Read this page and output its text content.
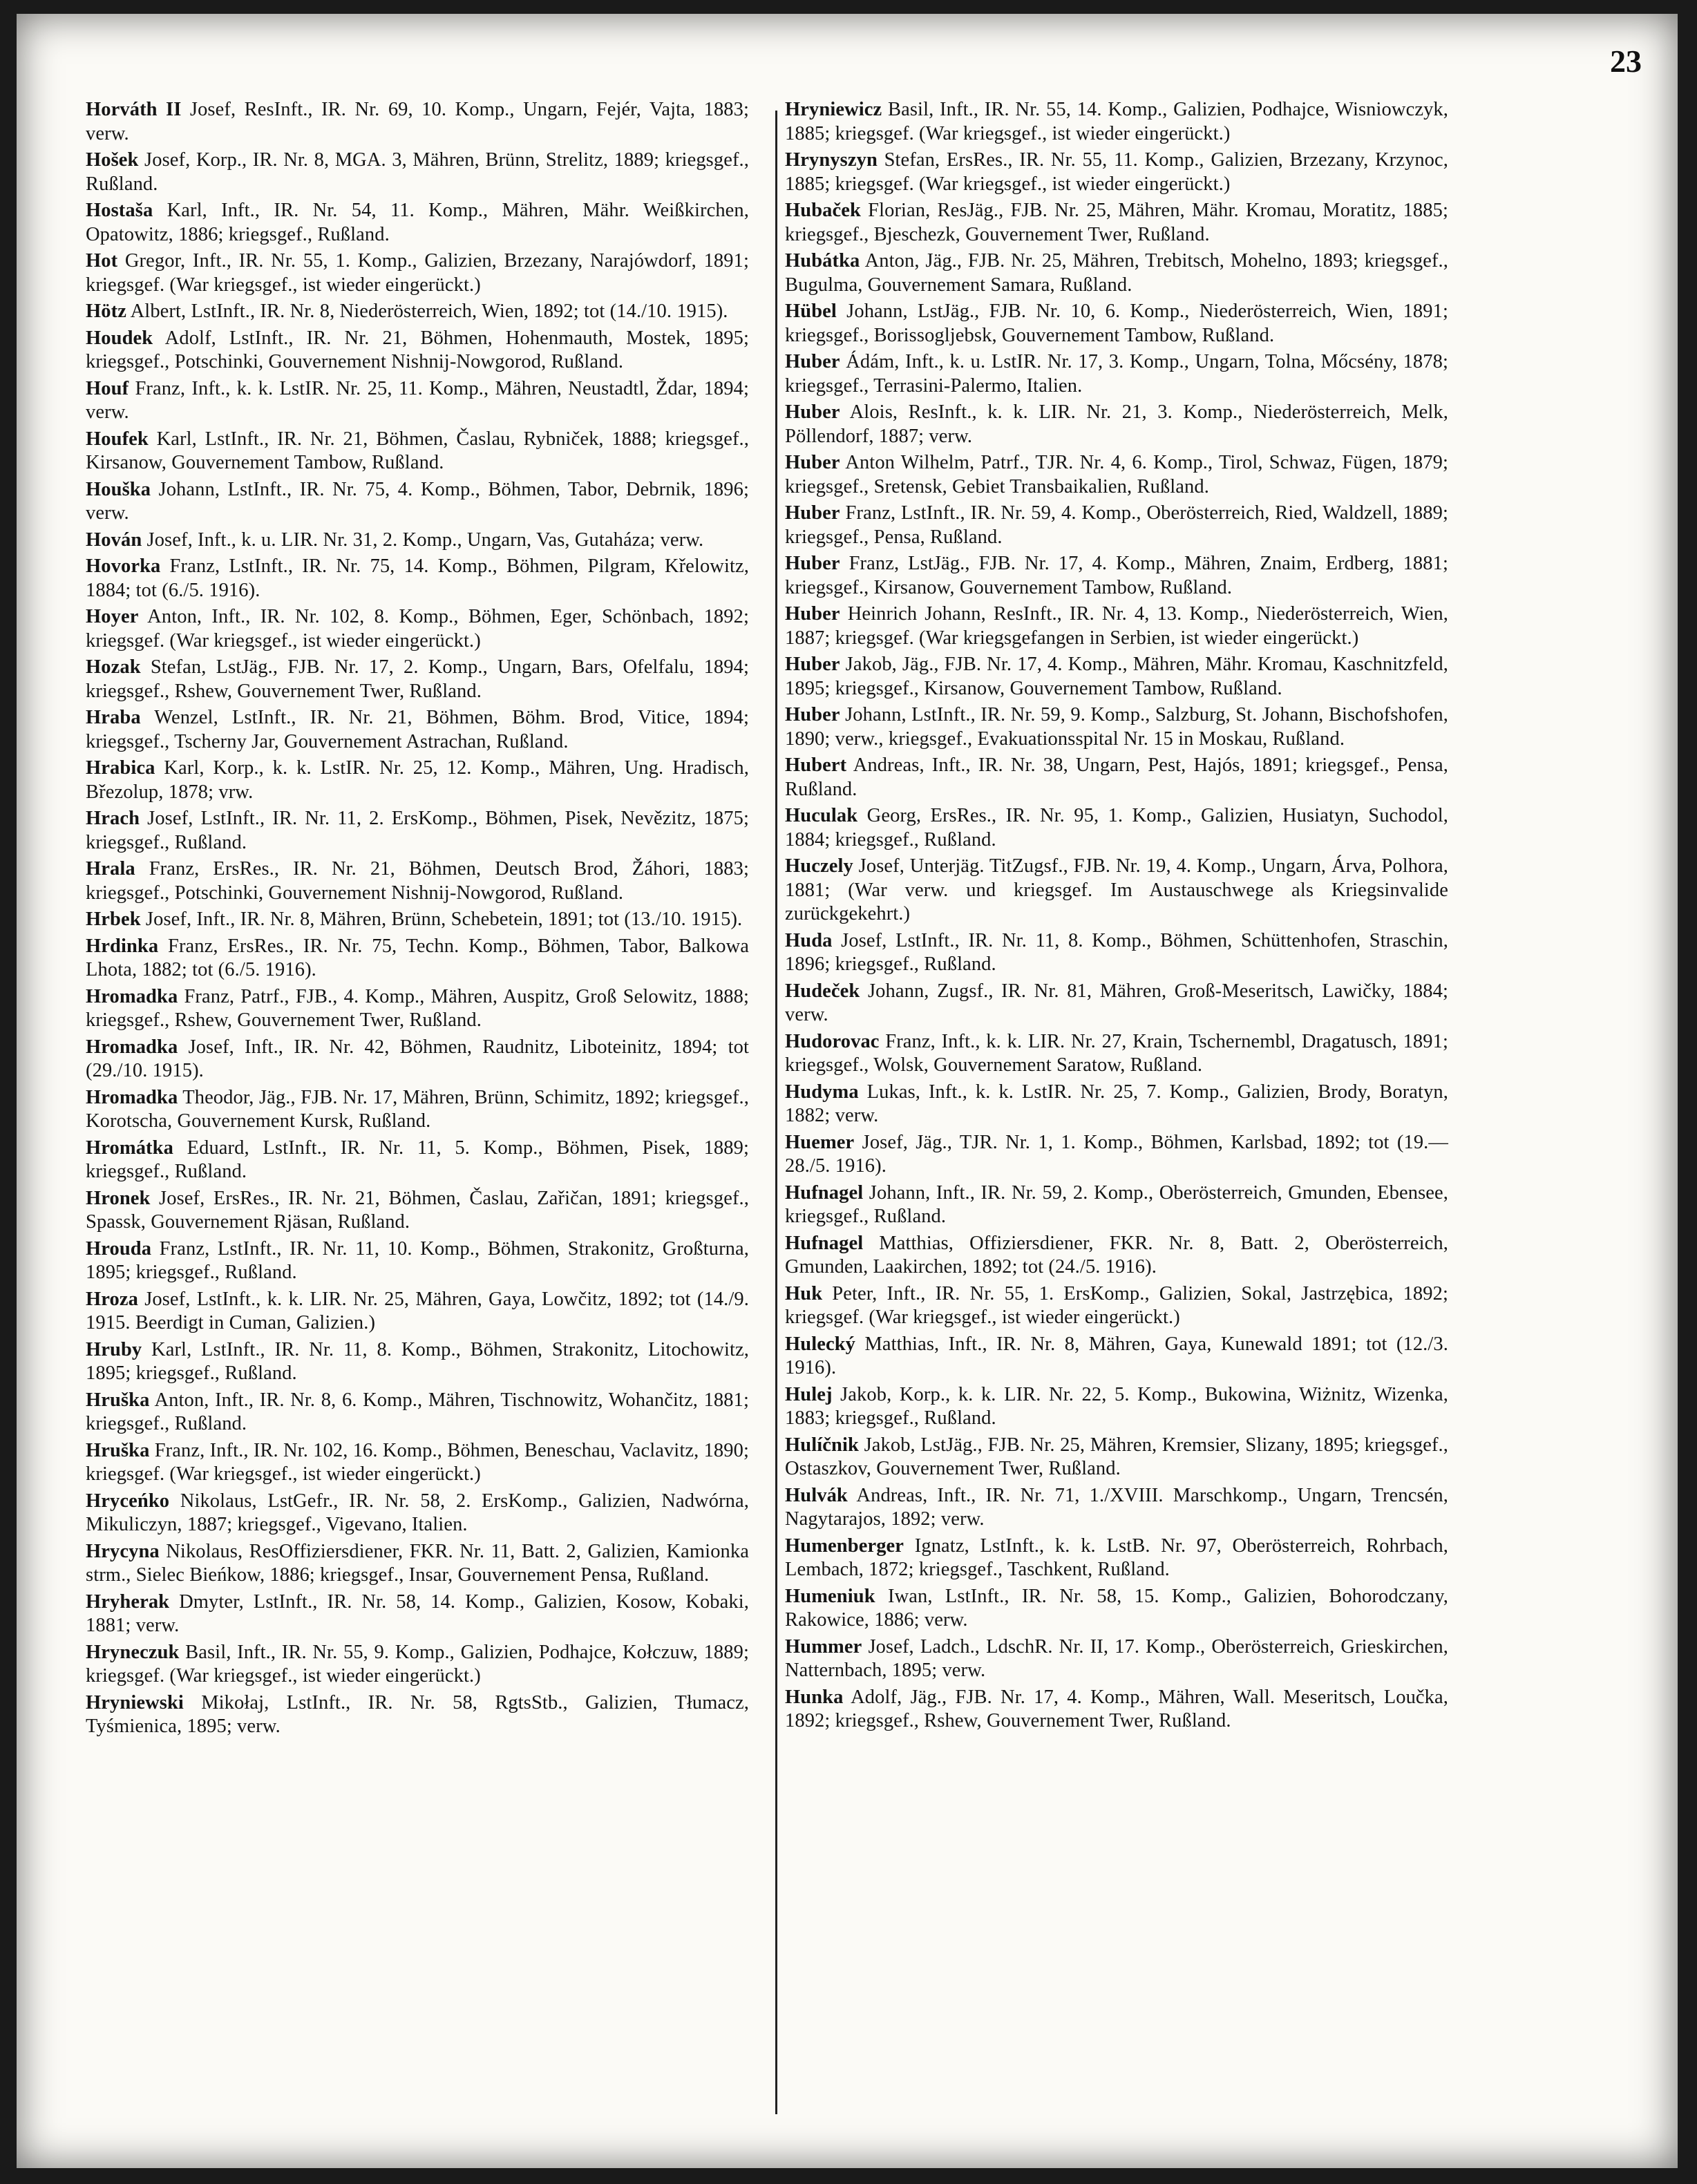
23

Horváth II Josef, ResInft., IR. Nr. 69, 10. Komp., Ungarn, Fejér, Vajta, 1883; verw.

Hošek Josef, Korp., IR. Nr. 8, MGA. 3, Mähren, Brünn, Strelitz, 1889; kriegsgef., Rußland.

Hostaša Karl, Inft., IR. Nr. 54, 11. Komp., Mähren, Mähr. Weißkirchen, Opatowitz, 1886; kriegsgef., Rußland.

Hot Gregor, Inft., IR. Nr. 55, 1. Komp., Galizien, Brzezany, Narajówdorf, 1891; kriegsgef. (War kriegsgef., ist wieder eingerückt.)

Hötz Albert, LstInft., IR. Nr. 8, Niederösterreich, Wien, 1892; tot (14./10. 1915).

Houdek Adolf, LstInft., IR. Nr. 21, Böhmen, Hohenmauth, Mostek, 1895; kriegsgef., Potschinki, Gouvernement Nishnij-Nowgorod, Rußland.

Houf Franz, Inft., k. k. LstIR. Nr. 25, 11. Komp., Mähren, Neustadtl, Ždar, 1894; verw.

Houfek Karl, LstInft., IR. Nr. 21, Böhmen, Časlau, Rybniček, 1888; kriegsgef., Kirsanow, Gouvernement Tambow, Rußland.

Houška Johann, LstInft., IR. Nr. 75, 4. Komp., Böhmen, Tabor, Debrnik, 1896; verw.

Hován Josef, Inft., k. u. LIR. Nr. 31, 2. Komp., Ungarn, Vas, Gutaháza; verw.

Hovorka Franz, LstInft., IR. Nr. 75, 14. Komp., Böhmen, Pilgram, Křelowitz, 1884; tot (6./5. 1916).

Hoyer Anton, Inft., IR. Nr. 102, 8. Komp., Böhmen, Eger, Schönbach, 1892; kriegsgef. (War kriegsgef., ist wieder eingerückt.)

Hozak Stefan, LstJäg., FJB. Nr. 17, 2. Komp., Ungarn, Bars, Ofelfalu, 1894; kriegsgef., Rshew, Gouvernement Twer, Rußland.

Hraba Wenzel, LstInft., IR. Nr. 21, Böhmen, Böhm. Brod, Vitice, 1894; kriegsgef., Tscherny Jar, Gouvernement Astrachan, Rußland.

Hrabica Karl, Korp., k. k. LstIR. Nr. 25, 12. Komp., Mähren, Ung. Hradisch, Březolup, 1878; vrw.

Hrach Josef, LstInft., IR. Nr. 11, 2. ErsKomp., Böhmen, Pisek, Nevězitz, 1875; kriegsgef., Rußland.

Hrala Franz, ErsRes., IR. Nr. 21, Böhmen, Deutsch Brod, Žáhori, 1883; kriegsgef., Potschinki, Gouvernement Nishnij-Nowgorod, Rußland.

Hrbek Josef, Inft., IR. Nr. 8, Mähren, Brünn, Schebetein, 1891; tot (13./10. 1915).

Hrdinka Franz, ErsRes., IR. Nr. 75, Techn. Komp., Böhmen, Tabor, Balkowa Lhota, 1882; tot (6./5. 1916).

Hromadka Franz, Patrf., FJB., 4. Komp., Mähren, Auspitz, Groß Selowitz, 1888; kriegsgef., Rshew, Gouvernement Twer, Rußland.

Hromadka Josef, Inft., IR. Nr. 42, Böhmen, Raudnitz, Liboteinitz, 1894; tot (29./10. 1915).

Hromadka Theodor, Jäg., FJB. Nr. 17, Mähren, Brünn, Schimitz, 1892; kriegsgef., Korotscha, Gouvernement Kursk, Rußland.

Hromátka Eduard, LstInft., IR. Nr. 11, 5. Komp., Böhmen, Pisek, 1889; kriegsgef., Rußland.

Hronek Josef, ErsRes., IR. Nr. 21, Böhmen, Časlau, Zařičan, 1891; kriegsgef., Spassk, Gouvernement Rjäsan, Rußland.

Hrouda Franz, LstInft., IR. Nr. 11, 10. Komp., Böhmen, Strakonitz, Großturna, 1895; kriegsgef., Rußland.

Hroza Josef, LstInft., k. k. LIR. Nr. 25, Mähren, Gaya, Lowčitz, 1892; tot (14./9. 1915. Beerdigt in Cuman, Galizien.)

Hruby Karl, LstInft., IR. Nr. 11, 8. Komp., Böhmen, Strakonitz, Litochowitz, 1895; kriegsgef., Rußland.

Hruška Anton, Inft., IR. Nr. 8, 6. Komp., Mähren, Tischnowitz, Wohančitz, 1881; kriegsgef., Rußland.

Hruška Franz, Inft., IR. Nr. 102, 16. Komp., Böhmen, Beneschau, Vaclavitz, 1890; kriegsgef. (War kriegsgef., ist wieder eingerückt.)

Hryceńko Nikolaus, LstGefr., IR. Nr. 58, 2. ErsKomp., Galizien, Nadwórna, Mikuliczyn, 1887; kriegsgef., Vigevano, Italien.

Hrycyna Nikolaus, ResOffiziersdiener, FKR. Nr. 11, Batt. 2, Galizien, Kamionka strm., Sielec Bieńkow, 1886; kriegsgef., Insar, Gouvernement Pensa, Rußland.

Hryherak Dmyter, LstInft., IR. Nr. 58, 14. Komp., Galizien, Kosow, Kobaki, 1881; verw.

Hryneczuk Basil, Inft., IR. Nr. 55, 9. Komp., Galizien, Podhajce, Kołczuw, 1889; kriegsgef. (War kriegsgef., ist wieder eingerückt.)

Hryniewski Mikołaj, LstInft., IR. Nr. 58, RgtsStb., Galizien, Tłumacz, Tyśmienica, 1895; verw.

Hryniewicz Basil, Inft., IR. Nr. 55, 14. Komp., Galizien, Podhajce, Wisniowczyk, 1885; kriegsgef. (War kriegsgef., ist wieder eingerückt.)

Hrynyszyn Stefan, ErsRes., IR. Nr. 55, 11. Komp., Galizien, Brzezany, Krzynoc, 1885; kriegsgef. (War kriegsgef., ist wieder eingerückt.)

Hubaček Florian, ResJäg., FJB. Nr. 25, Mähren, Mähr. Kromau, Moratitz, 1885; kriegsgef., Bjeschezk, Gouvernement Twer, Rußland.

Hubátka Anton, Jäg., FJB. Nr. 25, Mähren, Trebitsch, Mohelno, 1893; kriegsgef., Bugulma, Gouvernement Samara, Rußland.

Hübel Johann, LstJäg., FJB. Nr. 10, 6. Komp., Niederösterreich, Wien, 1891; kriegsgef., Borissoglјebsk, Gouvernement Tambow, Rußland.

Huber Ádám, Inft., k. u. LstIR. Nr. 17, 3. Komp., Ungarn, Tolna, Mőcsény, 1878; kriegsgef., Terrasini-Palermo, Italien.

Huber Alois, ResInft., k. k. LIR. Nr. 21, 3. Komp., Niederösterreich, Melk, Pöllendorf, 1887; verw.

Huber Anton Wilhelm, Patrf., TJR. Nr. 4, 6. Komp., Tirol, Schwaz, Fügen, 1879; kriegsgef., Sretensk, Gebiet Transbaikalien, Rußland.

Huber Franz, LstInft., IR. Nr. 59, 4. Komp., Oberösterreich, Ried, Waldzell, 1889; kriegsgef., Pensa, Rußland.

Huber Franz, LstJäg., FJB. Nr. 17, 4. Komp., Mähren, Znaim, Erdberg, 1881; kriegsgef., Kirsanow, Gouvernement Tambow, Rußland.

Huber Heinrich Johann, ResInft., IR. Nr. 4, 13. Komp., Niederösterreich, Wien, 1887; kriegsgef. (War kriegsgefangen in Serbien, ist wieder eingerückt.)

Huber Jakob, Jäg., FJB. Nr. 17, 4. Komp., Mähren, Mähr. Kromau, Kaschnitzfeld, 1895; kriegsgef., Kirsanow, Gouvernement Tambow, Rußland.

Huber Johann, LstInft., IR. Nr. 59, 9. Komp., Salzburg, St. Johann, Bischofshofen, 1890; verw., kriegsgef., Evakuationsspital Nr. 15 in Moskau, Rußland.

Hubert Andreas, Inft., IR. Nr. 38, Ungarn, Pest, Hajós, 1891; kriegsgef., Pensa, Rußland.

Huculak Georg, ErsRes., IR. Nr. 95, 1. Komp., Galizien, Husiatyn, Suchodol, 1884; kriegsgef., Rußland.

Huczely Josef, Unterjäg. TitZugsf., FJB. Nr. 19, 4. Komp., Ungarn, Árva, Polhora, 1881; (War verw. und kriegsgef. Im Austauschwege als Kriegsinvalide zurückgekehrt.)

Huda Josef, LstInft., IR. Nr. 11, 8. Komp., Böhmen, Schüttenhofen, Straschin, 1896; kriegsgef., Rußland.

Hudeček Johann, Zugsf., IR. Nr. 81, Mähren, Groß-Meseritsch, Lawičky, 1884; verw.

Hudorovac Franz, Inft., k. k. LIR. Nr. 27, Krain, Tschernembl, Dragatusch, 1891; kriegsgef., Wolsk, Gouvernement Saratow, Rußland.

Hudyma Lukas, Inft., k. k. LstIR. Nr. 25, 7. Komp., Galizien, Brody, Boratyn, 1882; verw.

Huemer Josef, Jäg., TJR. Nr. 1, 1. Komp., Böhmen, Karlsbad, 1892; tot (19.—28./5. 1916).

Hufnagel Johann, Inft., IR. Nr. 59, 2. Komp., Oberösterreich, Gmunden, Ebensee, kriegsgef., Rußland.

Hufnagel Matthias, Offiziersdiener, FKR. Nr. 8, Batt. 2, Oberösterreich, Gmunden, Laakirchen, 1892; tot (24./5. 1916).

Huk Peter, Inft., IR. Nr. 55, 1. ErsKomp., Galizien, Sokal, Jastrzębica, 1892; kriegsgef. (War kriegsgef., ist wieder eingerückt.)

Hulecký Matthias, Inft., IR. Nr. 8, Mähren, Gaya, Kunewald 1891; tot (12./3. 1916).

Hulej Jakob, Korp., k. k. LIR. Nr. 22, 5. Komp., Bukowina, Wiżnitz, Wizenka, 1883; kriegsgef., Rußland.

Hulíčnik Jakob, LstJäg., FJB. Nr. 25, Mähren, Kremsier, Slizany, 1895; kriegsgef., Ostaszkov, Gouvernement Twer, Rußland.

Hulvák Andreas, Inft., IR. Nr. 71, 1./XVIII. Marschkomp., Ungarn, Trencsén, Nagytarajos, 1892; verw.

Humenberger Ignatz, LstInft., k. k. LstB. Nr. 97, Oberösterreich, Rohrbach, Lembach, 1872; kriegsgef., Taschkent, Rußland.

Humeniuk Iwan, LstInft., IR. Nr. 58, 15. Komp., Galizien, Bohorodczany, Rakowice, 1886; verw.

Hummer Josef, Ladch., LdschR. Nr. II, 17. Komp., Oberösterreich, Grieskirchen, Natternbach, 1895; verw.

Hunka Adolf, Jäg., FJB. Nr. 17, 4. Komp., Mähren, Wall. Meseritsch, Loučka, 1892; kriegsgef., Rshew, Gouvernement Twer, Rußland.
